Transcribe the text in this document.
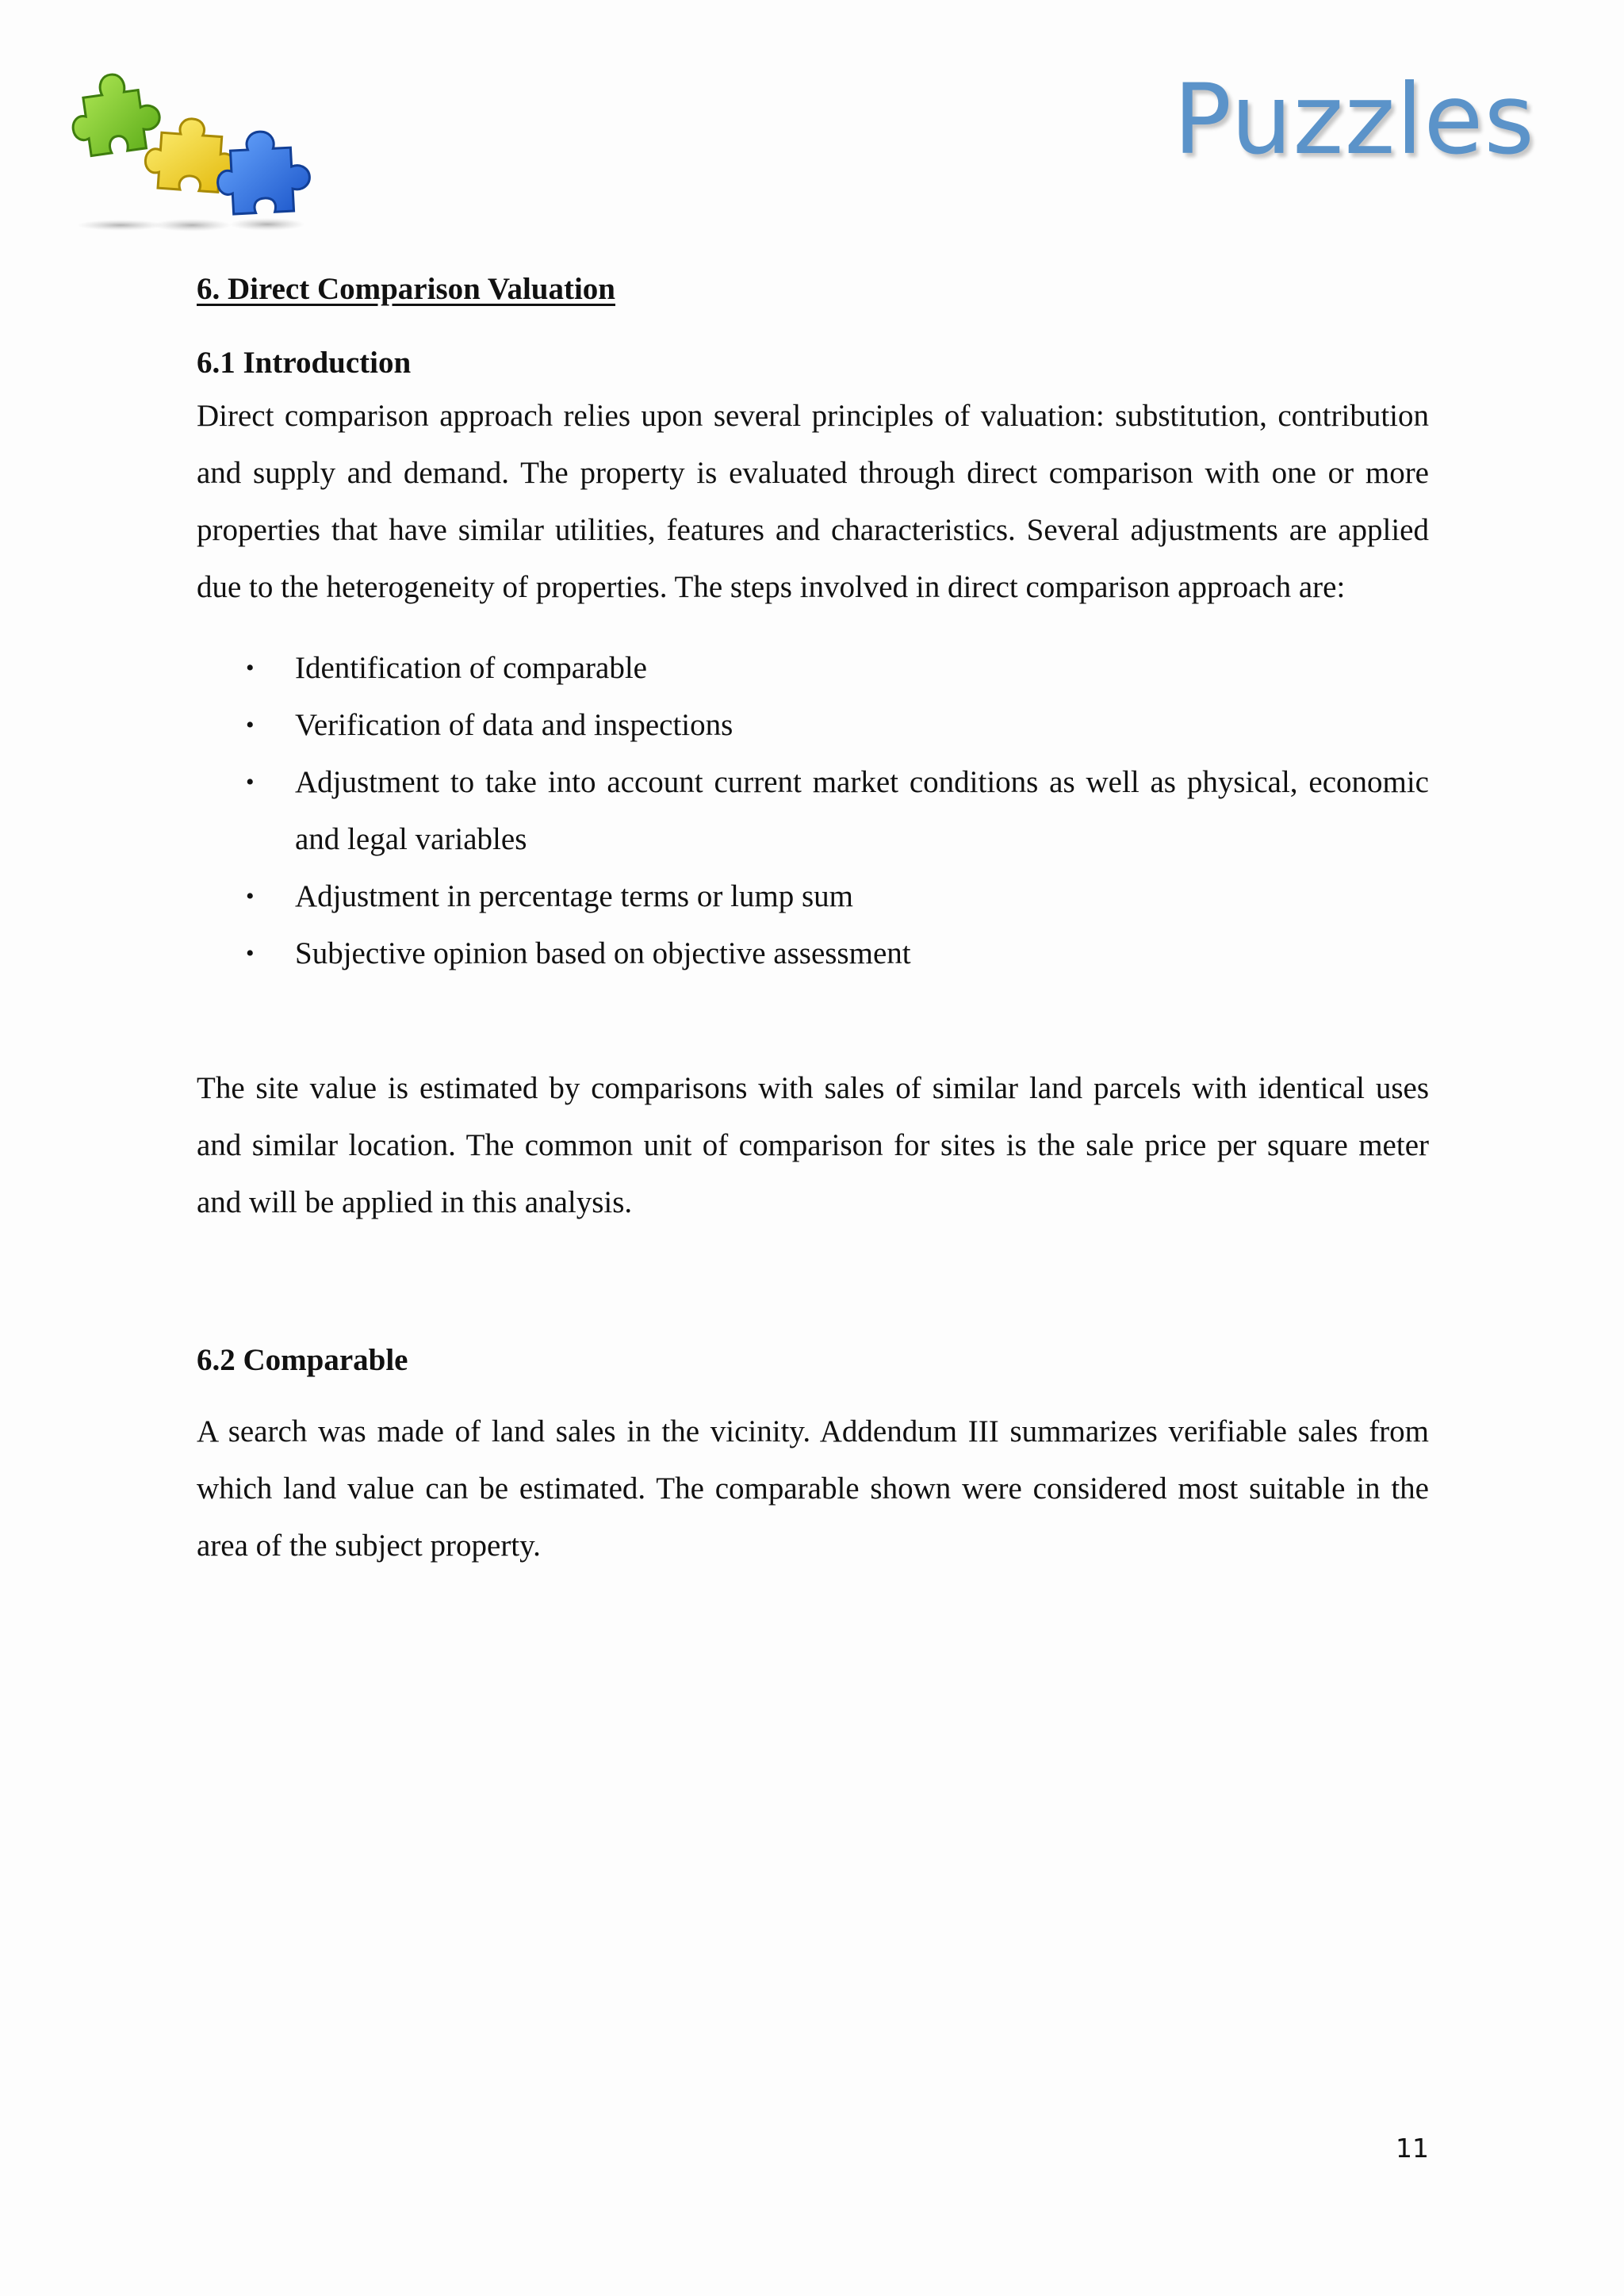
Puzzles
6. Direct Comparison Valuation
6.1 Introduction

Direct comparison approach relies upon several principles of valuation: substitution, contribution and supply and demand. The property is evaluated through direct comparison with one or more properties that have similar utilities, features and characteristics. Several adjustments are applied due to the heterogeneity of properties. The steps involved in direct comparison approach are:

• Identification of comparable
• Verification of data and inspections
• Adjustment to take into account current market conditions as well as physical, economic and legal variables
• Adjustment in percentage terms or lump sum
• Subjective opinion based on objective assessment

The site value is estimated by comparisons with sales of similar land parcels with identical uses and similar location. The common unit of comparison for sites is the sale price per square meter and will be applied in this analysis.

6.2 Comparable

A search was made of land sales in the vicinity. Addendum III summarizes verifiable sales from which land value can be estimated. The comparable shown were considered most suitable in the area of the subject property.

11
